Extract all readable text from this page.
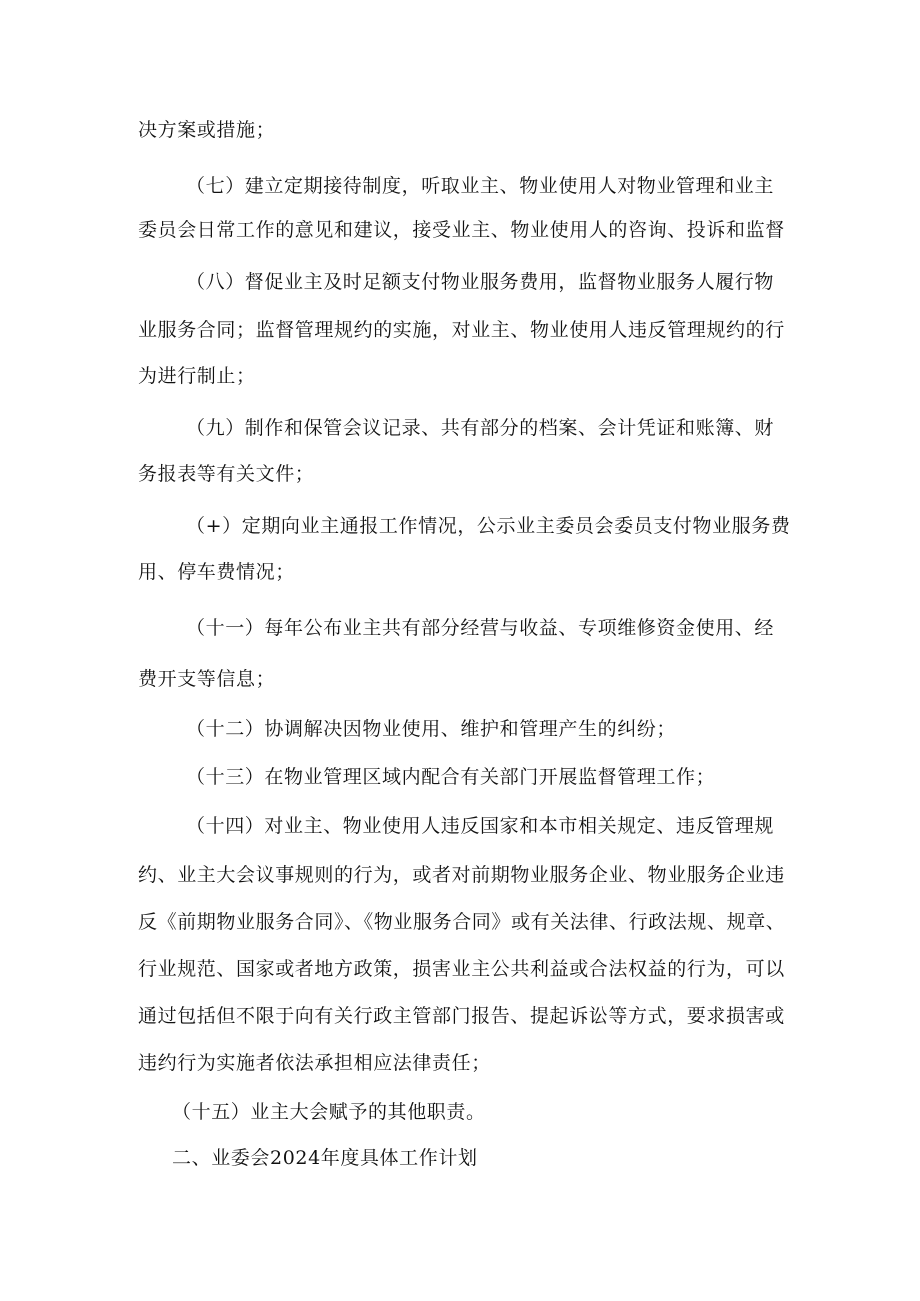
决方案或措施；
（七）建立定期接待制度，听取业主、物业使用人对物业管理和业主
委员会日常工作的意见和建议，接受业主、物业使用人的咨询、投诉和监督
（八）督促业主及时足额支付物业服务费用，监督物业服务人履行物
业服务合同；监督管理规约的实施，对业主、物业使用人违反管理规约的行
为进行制止；
（九）制作和保管会议记录、共有部分的档案、会计凭证和账簿、财
务报表等有关文件；
（+）定期向业主通报工作情况，公示业主委员会委员支付物业服务费
用、停车费情况；
（十一）每年公布业主共有部分经营与收益、专项维修资金使用、经
费开支等信息；
（十二）协调解决因物业使用、维护和管理产生的纠纷；
（十三）在物业管理区域内配合有关部门开展监督管理工作；
（十四）对业主、物业使用人违反国家和本市相关规定、违反管理规
约、业主大会议事规则的行为，或者对前期物业服务企业、物业服务企业违
反《前期物业服务合同》、《物业服务合同》或有关法律、行政法规、规章、
行业规范、国家或者地方政策，损害业主公共利益或合法权益的行为，可以
通过包括但不限于向有关行政主管部门报告、提起诉讼等方式，要求损害或
违约行为实施者依法承担相应法律责任；
（十五）业主大会赋予的其他职责。
二、业委会2024年度具体工作计划
